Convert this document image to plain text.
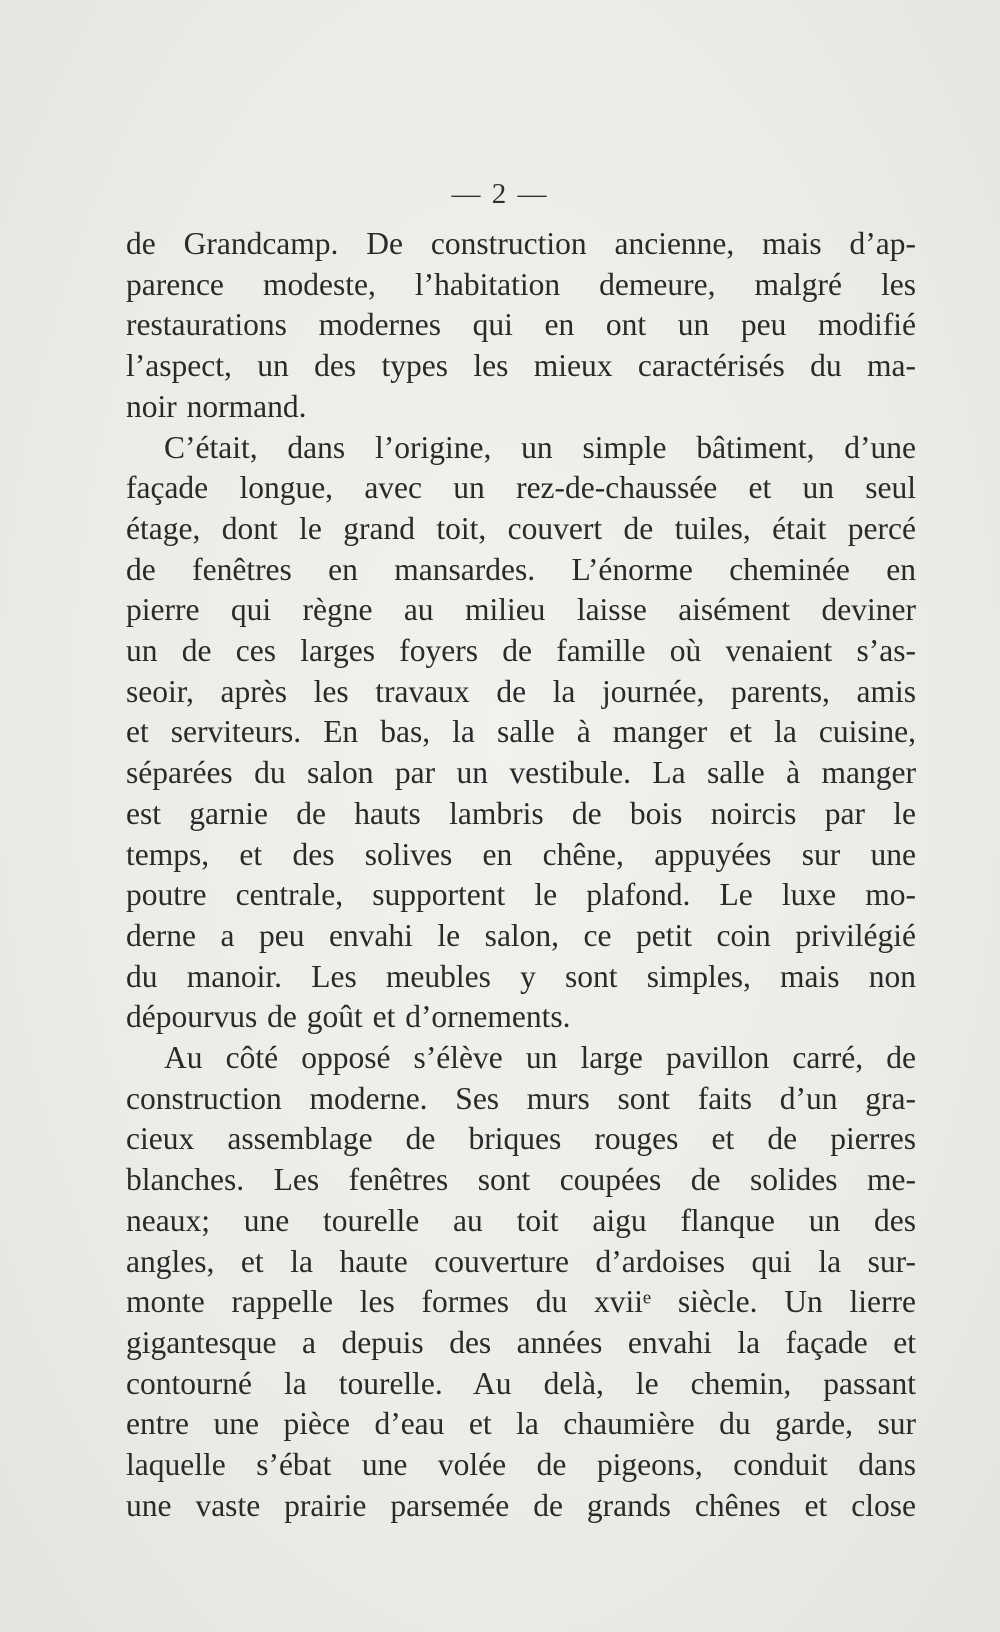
— 2 —
de Grandcamp. De construction ancienne, mais d’ap-
parence modeste, l’habitation demeure, malgré les
restaurations modernes qui en ont un peu modifié
l’aspect, un des types les mieux caractérisés du ma-
noir normand.
C’était, dans l’origine, un simple bâtiment, d’une
façade longue, avec un rez-de-chaussée et un seul
étage, dont le grand toit, couvert de tuiles, était percé
de fenêtres en mansardes. L’énorme cheminée en
pierre qui règne au milieu laisse aisément deviner
un de ces larges foyers de famille où venaient s’as-
seoir, après les travaux de la journée, parents, amis
et serviteurs. En bas, la salle à manger et la cuisine,
séparées du salon par un vestibule. La salle à manger
est garnie de hauts lambris de bois noircis par le
temps, et des solives en chêne, appuyées sur une
poutre centrale, supportent le plafond. Le luxe mo-
derne a peu envahi le salon, ce petit coin privilégié
du manoir. Les meubles y sont simples, mais non
dépourvus de goût et d’ornements.
Au côté opposé s’élève un large pavillon carré, de
construction moderne. Ses murs sont faits d’un gra-
cieux assemblage de briques rouges et de pierres
blanches. Les fenêtres sont coupées de solides me-
neaux; une tourelle au toit aigu flanque un des
angles, et la haute couverture d’ardoises qui la sur-
monte rappelle les formes du xviiᵉ siècle. Un lierre
gigantesque a depuis des années envahi la façade et
contourné la tourelle. Au delà, le chemin, passant
entre une pièce d’eau et la chaumière du garde, sur
laquelle s’ébat une volée de pigeons, conduit dans
une vaste prairie parsemée de grands chênes et close
